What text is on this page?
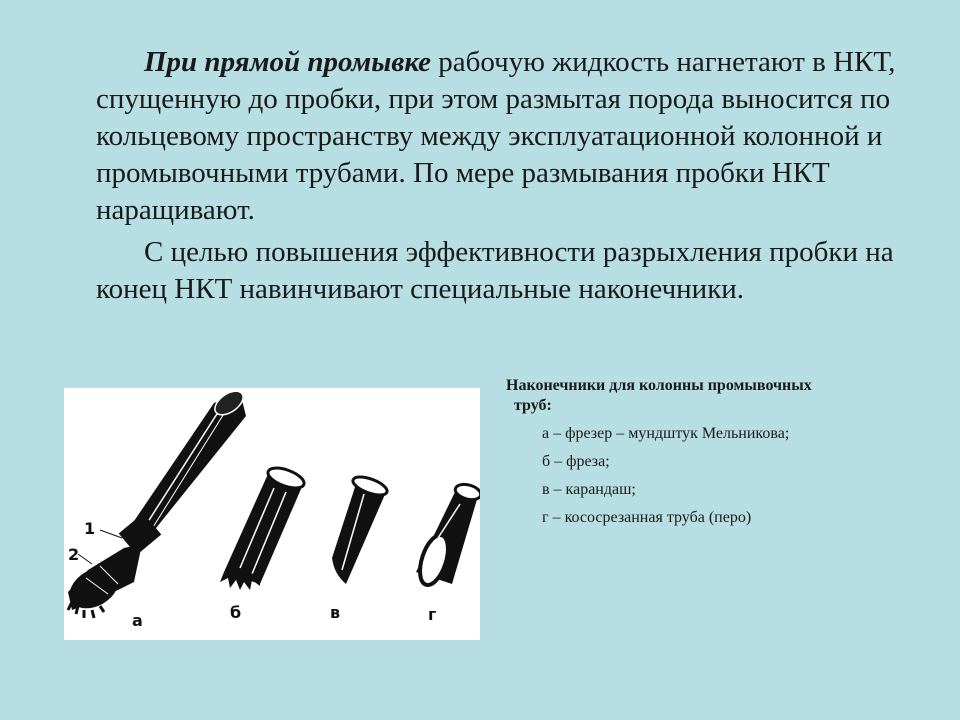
При прямой промывке рабочую жидкость нагнетают в НКТ, спущенную до пробки, при этом размытая порода выносится по кольцевому пространству между эксплуатационной колонной и промывочными трубами. По мере размывания пробки НКТ наращивают.

С целью повышения эффективности разрыхления пробки на конец НКТ навинчивают специальные наконечники.

1
2
а	б	в	г
Наконечники для колонны промывочных
труб:
а – фрезер – мундштук Мельникова;
б – фреза;
в – карандаш;
г – кососрезанная труба (перо)
